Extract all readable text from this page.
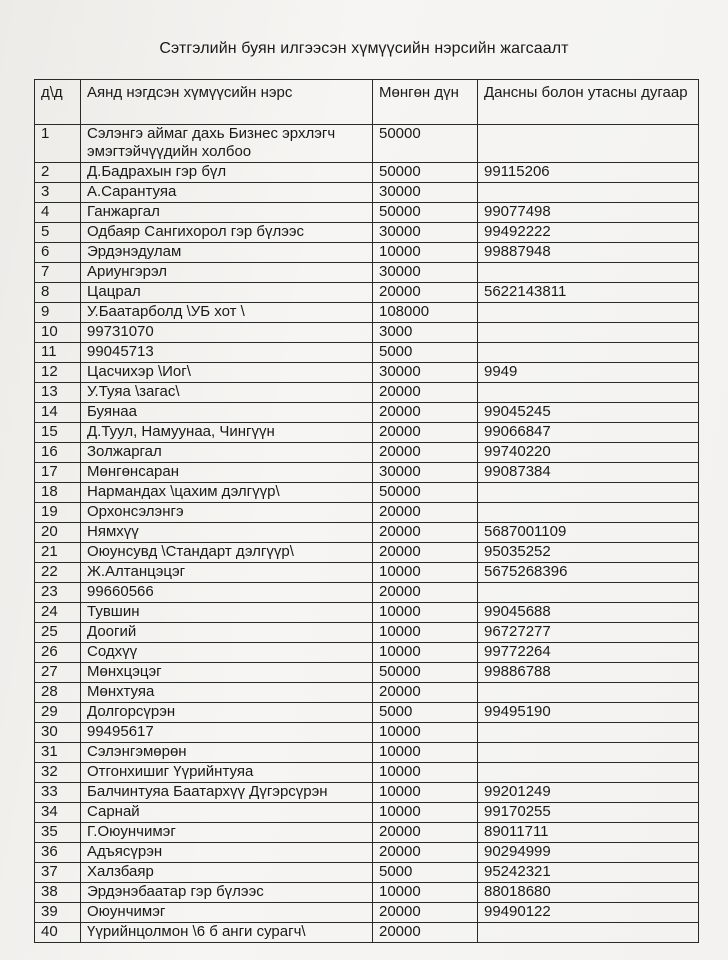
Сэтгэлийн буян илгээсэн хүмүүсийн нэрсийн жагсаалт
д\д	Аянд нэгдсэн хүмүүсийн нэрс	Мөнгөн дүн	Дансны болон утасны дугаар
1	Сэлэнгэ аймаг дахь Бизнес эрхлэгч эмэгтэйчүүдийн холбоо	50000	
2	Д.Бадрахын гэр бүл	50000	99115206
3	А.Сарантуяа	30000	
4	Ганжаргал	50000	99077498
5	Одбаяр Сангихорол гэр бүлээс	30000	99492222
6	Эрдэнэдулам	10000	99887948
7	Ариунгэрэл	30000	
8	Цацрал	20000	5622143811
9	У.Баатарболд \УБ хот \	108000	
10	99731070	3000	
11	99045713	5000	
12	Цасчихэр \Иог\	30000	9949
13	У.Туяа \загас\	20000	
14	Буянаа	20000	99045245
15	Д.Туул, Намуунаа, Чингүүн	20000	99066847
16	Золжаргал	20000	99740220
17	Мөнгөнсаран	30000	99087384
18	Нармандах \цахим дэлгүүр\	50000	
19	Орхонсэлэнгэ	20000	
20	Нямхүү	20000	5687001109
21	Оюунсувд \Стандарт дэлгүүр\	20000	95035252
22	Ж.Алтанцэцэг	10000	5675268396
23	99660566	20000	
24	Тувшин	10000	99045688
25	Доогий	10000	96727277
26	Содхүү	10000	99772264
27	Мөнхцэцэг	50000	99886788
28	Мөнхтуяа	20000	
29	Долгорсүрэн	5000	99495190
30	99495617	10000	
31	Сэлэнгэмөрөн	10000	
32	Отгонхишиг Үүрийнтуяа	10000	
33	Балчинтуяа Баатархүү Дүгэрсүрэн	10000	99201249
34	Сарнай	10000	99170255
35	Г.Оюунчимэг	20000	89011711
36	Адъясүрэн	20000	90294999
37	Халзбаяр	5000	95242321
38	Эрдэнэбаатар гэр бүлээс	10000	88018680
39	Оюунчимэг	20000	99490122
40	Үүрийнцолмон \6 б анги сурагч\	20000	
